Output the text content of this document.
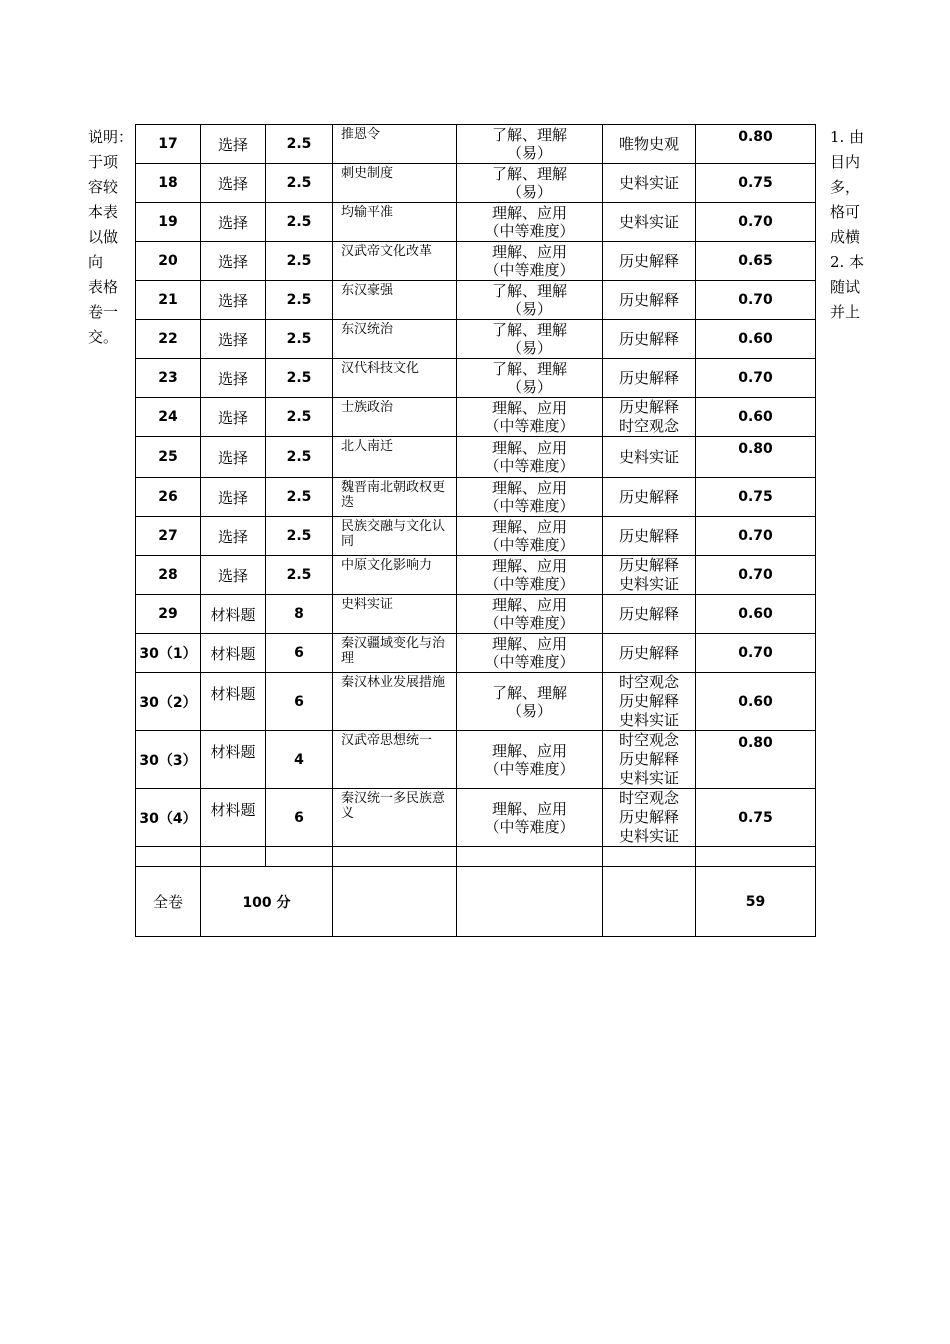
说明：
于项
容较
本表
以做
向
表格
卷一
交。
1. 由
目内
多，
格可
成横
2. 本
随试
并上
17	选择	2.5	推恩令	了解、理解
（易）	唯物史观	0.80
18	选择	2.5	刺史制度	了解、理解
（易）	史料实证	0.75
19	选择	2.5	均输平准	理解、应用
（中等难度）	史料实证	0.70
20	选择	2.5	汉武帝文化改革	理解、应用
（中等难度）	历史解释	0.65
21	选择	2.5	东汉豪强	了解、理解
（易）	历史解释	0.70
22	选择	2.5	东汉统治	了解、理解
（易）	历史解释	0.60
23	选择	2.5	汉代科技文化	了解、理解
（易）	历史解释	0.70
24	选择	2.5	士族政治	理解、应用
（中等难度）	历史解释
时空观念	0.60
25	选择	2.5	北人南迁	理解、应用
（中等难度）	史料实证	0.80
26	选择	2.5	魏晋南北朝政权更迭	理解、应用
（中等难度）	历史解释	0.75
27	选择	2.5	民族交融与文化认同	理解、应用
（中等难度）	历史解释	0.70
28	选择	2.5	中原文化影响力	理解、应用
（中等难度）	历史解释
史料实证	0.70
29	材料题	8	史料实证	理解、应用
（中等难度）	历史解释	0.60
30（1）	材料题	6	秦汉疆域变化与治理	理解、应用
（中等难度）	历史解释	0.70
30（2）	材料题	6	秦汉林业发展措施	了解、理解
（易）	时空观念
历史解释
史料实证	0.60
30（3）	材料题	4	汉武帝思想统一	理解、应用
（中等难度）	时空观念
历史解释
史料实证	0.80
30（4）	材料题	6	秦汉统一多民族意义	理解、应用
（中等难度）	时空观念
历史解释
史料实证	0.75

全卷	100 分					59
